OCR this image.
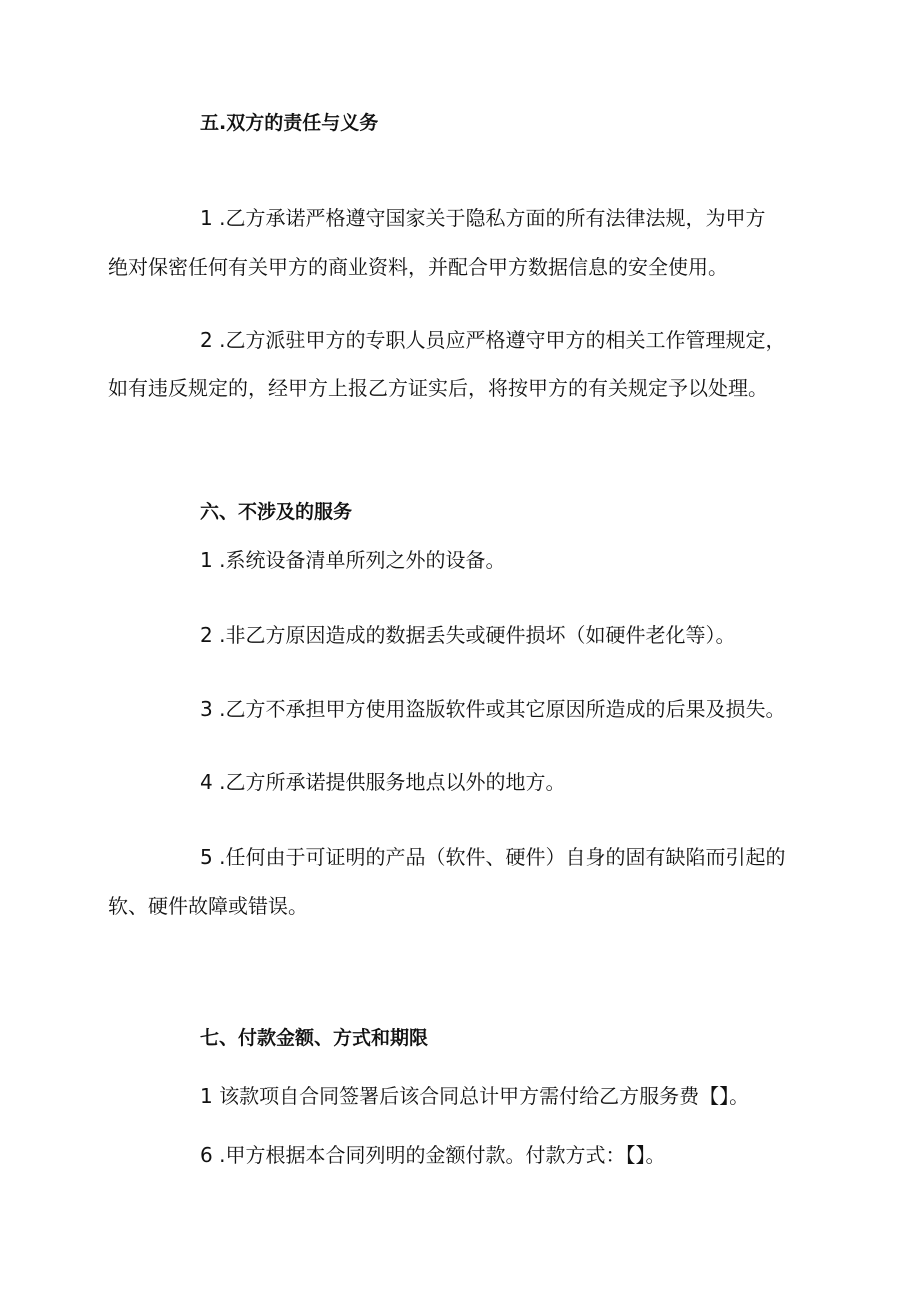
五.双方的责任与义务
1 .乙方承诺严格遵守国家关于隐私方面的所有法律法规，为甲方
绝对保密任何有关甲方的商业资料，并配合甲方数据信息的安全使用。
2 .乙方派驻甲方的专职人员应严格遵守甲方的相关工作管理规定，
如有违反规定的，经甲方上报乙方证实后，将按甲方的有关规定予以处理。
六、不涉及的服务
1 .系统设备清单所列之外的设备。
2 .非乙方原因造成的数据丢失或硬件损坏（如硬件老化等）。
3 .乙方不承担甲方使用盗版软件或其它原因所造成的后果及损失。
4 .乙方所承诺提供服务地点以外的地方。
5 .任何由于可证明的产品（软件、硬件）自身的固有缺陷而引起的
软、硬件故障或错误。
七、付款金额、方式和期限
1 该款项自合同签署后该合同总计甲方需付给乙方服务费【】。
6 .甲方根据本合同列明的金额付款。付款方式：【】。
